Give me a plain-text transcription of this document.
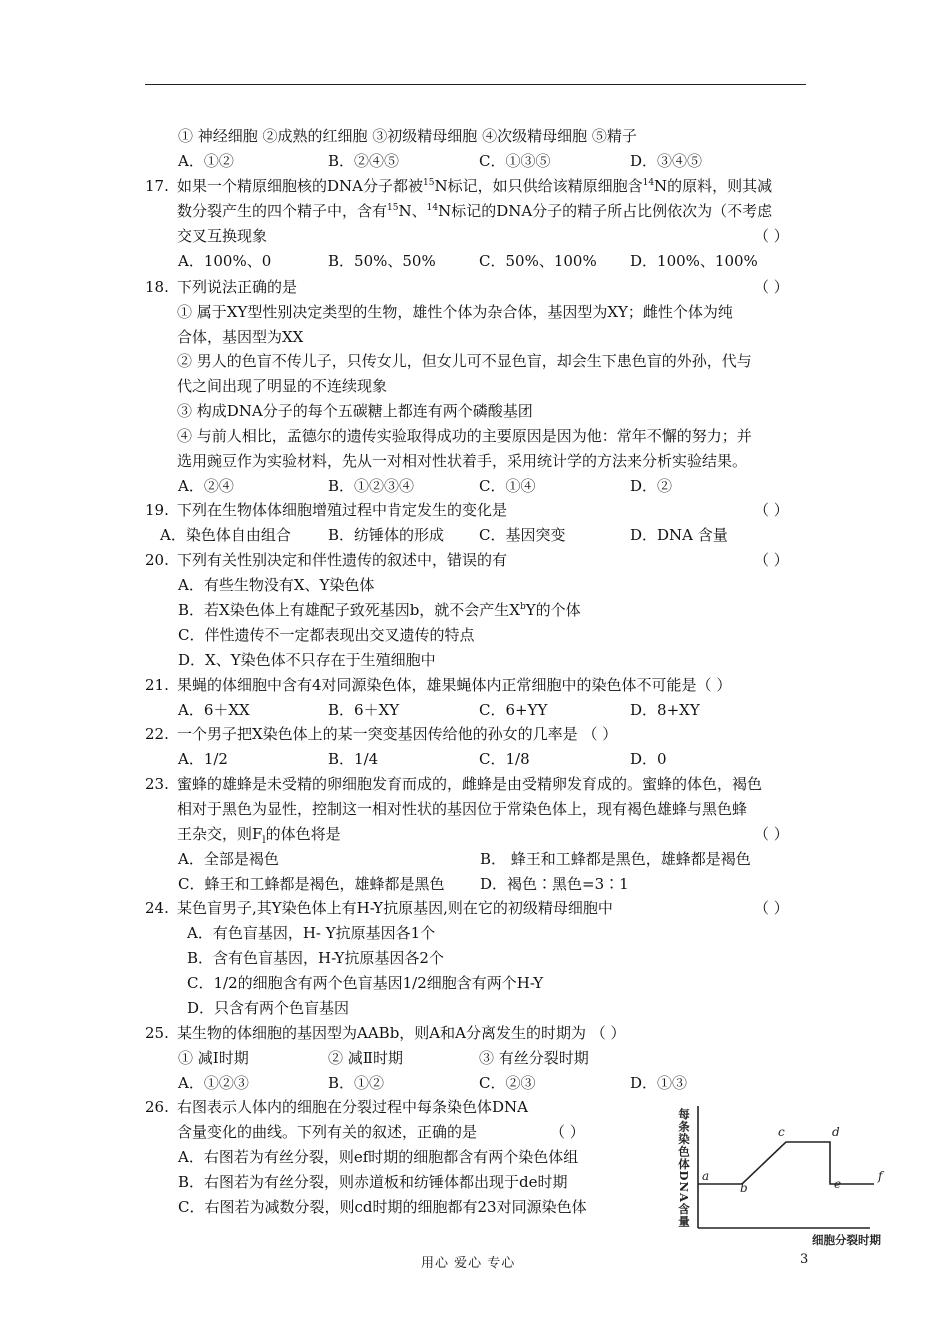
① 神经细胞 ②成熟的红细胞 ③初级精母细胞 ④次级精母细胞 ⑤精子
A．①②	B．②④⑤	C．①③⑤	D．③④⑤
17. 如果一个精原细胞核的DNA分子都被$^{15}$N标记，如只供给该精原细胞含$^{14}$N的原料，则其减
数分裂产生的四个精子中，含有$^{15}$N、$^{14}$N标记的DNA分子的精子所占比例依次为（不考虑
交叉互换现象	（ ）
A．100%、0	B．50%、50%	C．50%、100% D．100%、100%
18. 下列说法正确的是	（ ）
① 属于XY型性别决定类型的生物，雄性个体为杂合体，基因型为XY；雌性个体为纯
合体，基因型为XX
② 男人的色盲不传儿子，只传女儿，但女儿可不显色盲，却会生下患色盲的外孙，代与
代之间出现了明显的不连续现象
③ 构成DNA分子的每个五碳糖上都连有两个磷酸基团
④ 与前人相比，孟德尔的遗传实验取得成功的主要原因是因为他：常年不懈的努力；并
选用豌豆作为实验材料，先从一对相对性状着手，采用统计学的方法来分析实验结果。
A．②④	B．①②③④	C．①④	D．②
19. 下列在生物体体细胞增殖过程中肯定发生的变化是	（ ）
A．染色体自由组合 B．纺锤体的形成 C．基因突变	D．DNA 含量
20. 下列有关性别决定和伴性遗传的叙述中，错误的有	（ ）
A．有些生物没有X、Y染色体
B．若X染色体上有雄配子致死基因b，就不会产生$X^bY$的个体
C．伴性遗传不一定都表现出交叉遗传的特点
D．X、Y染色体不只存在于生殖细胞中
21. 果蝇的体细胞中含有4对同源染色体，雄果蝇体内正常细胞中的染色体不可能是（ ）
A．6＋XX	B．6＋XY	C．6+YY	D．8+XY
22. 一个男子把X染色体上的某一突变基因传给他的孙女的几率是 （ ）
A．1/2	B．1/4	C．1/8	D．0
23. 蜜蜂的雄蜂是未受精的卵细胞发育而成的，雌蜂是由受精卵发育成的。蜜蜂的体色，褐色
相对于黑色为显性，控制这一相对性状的基因位于常染色体上，现有褐色雄蜂与黑色蜂
王杂交，则$F_l$的体色将是	（ ）
A．全部是褐色	B． 蜂王和工蜂都是黑色，雄蜂都是褐色
C．蜂王和工蜂都是褐色，雄蜂都是黑色 D．褐色∶黑色=3∶1
24. 某色盲男子,其Y染色体上有H-Y抗原基因,则在它的初级精母细胞中	（ ）
A．有色盲基因，H- Y抗原基因各1个
B．含有色盲基因，H-Y抗原基因各2个
C．1/2的细胞含有两个色盲基因1/2细胞含有两个H-Y
D．只含有两个色盲基因
25. 某生物的体细胞的基因型为AABb，则A和A分离发生的时期为 （ ）
① 减Ⅰ时期	② 减Ⅱ时期	③ 有丝分裂时期
A．①②③	B．①②	C．②③	D．①③
26. 右图表示人体内的细胞在分裂过程中每条染色体DNA
含量变化的曲线。下列有关的叙述，正确的是	（ ）
A．右图若为有丝分裂，则ef时期的细胞都含有两个染色体组
B．右图若为有丝分裂，则赤道板和纺锤体都出现于de时期
C．右图若为减数分裂，则cd时期的细胞都有23对同源染色体	每条染色体DNA含量
细胞分裂时期
a
b
c	d
e
f
用心 爱心 专心	3
